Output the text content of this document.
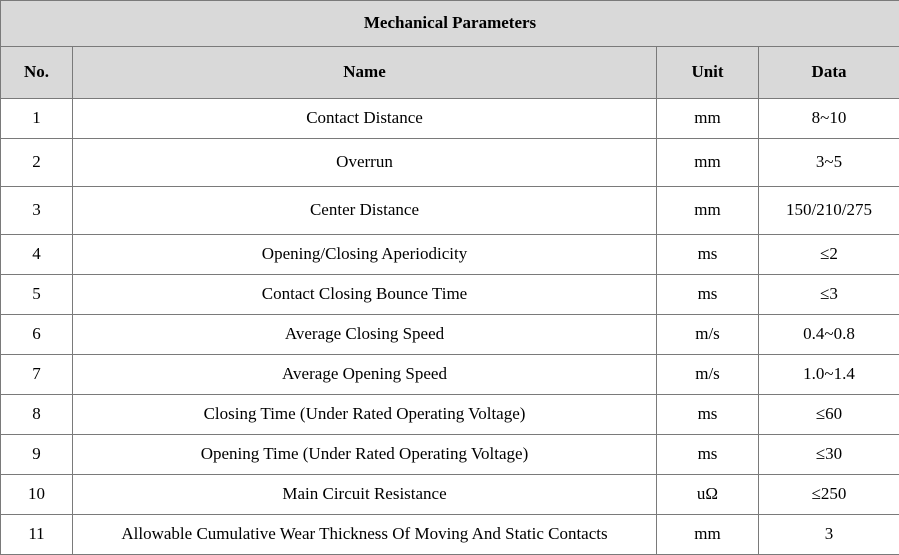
Mechanical Parameters			
No.	Name	Unit	Data
1	Contact Distance	mm	8~10
2	Overrun	mm	3~5
3	Center Distance	mm	150/210/275
4	Opening/Closing Aperiodicity	ms	≤2
5	Contact Closing Bounce Time	ms	≤3
6	Average Closing Speed	m/s	0.4~0.8
7	Average Opening Speed	m/s	1.0~1.4
8	Closing Time (Under Rated Operating Voltage)	ms	≤60
9	Opening Time (Under Rated Operating Voltage)	ms	≤30
10	Main Circuit Resistance	uΩ	≤250
11	Allowable Cumulative Wear Thickness Of Moving And Static Contacts	mm	3
